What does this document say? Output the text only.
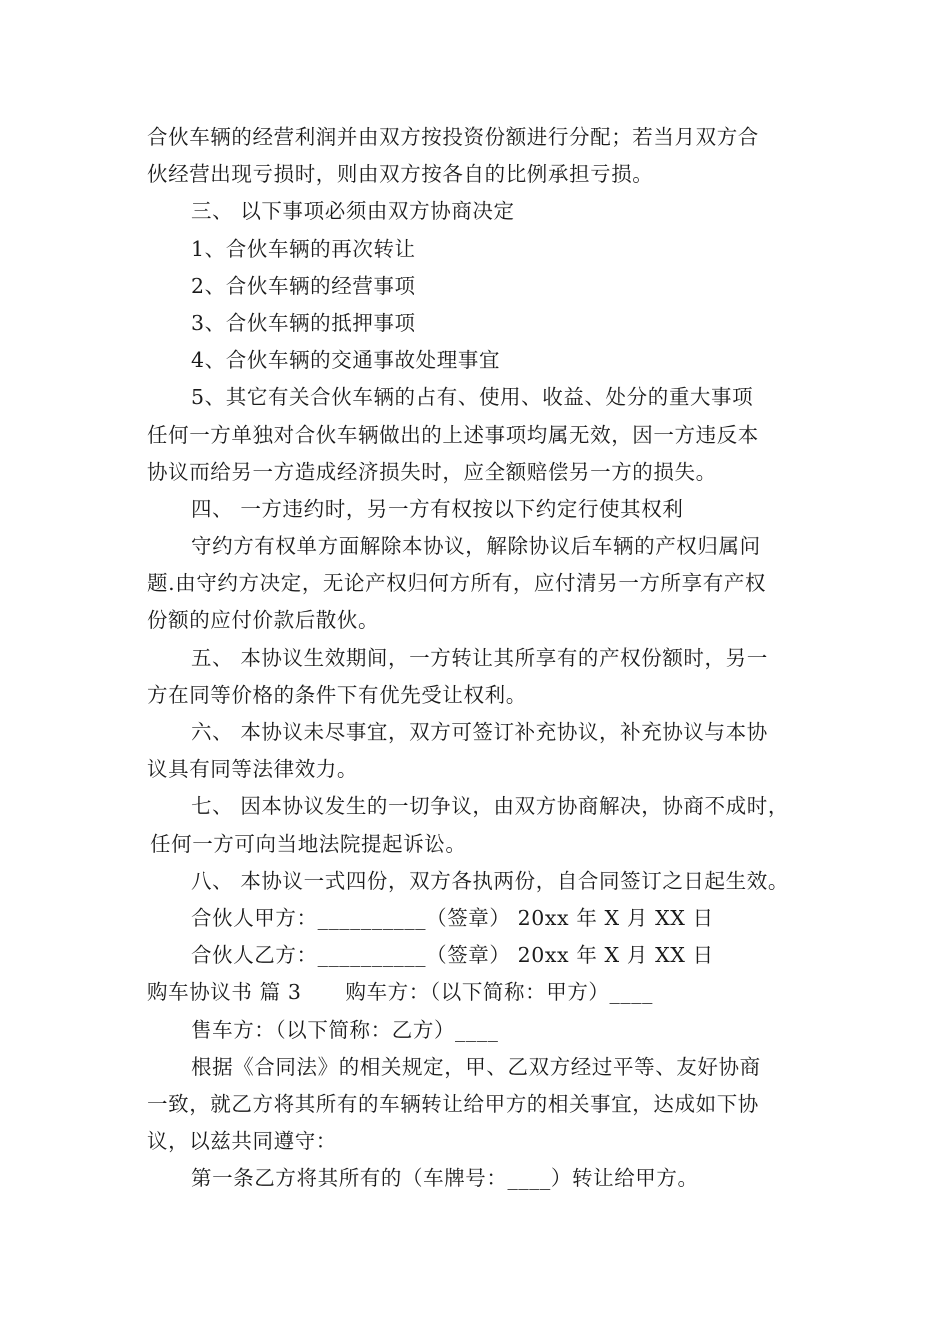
合伙车辆的经营利润并由双方按投资份额进行分配；若当月双方合
伙经营出现亏损时，则由双方按各自的比例承担亏损。
三、 以下事项必须由双方协商决定
1、合伙车辆的再次转让
2、合伙车辆的经营事项
3、合伙车辆的抵押事项
4、合伙车辆的交通事故处理事宜
5、其它有关合伙车辆的占有、使用、收益、处分的重大事项
任何一方单独对合伙车辆做出的上述事项均属无效，因一方违反本
协议而给另一方造成经济损失时，应全额赔偿另一方的损失。
四、 一方违约时，另一方有权按以下约定行使其权利
守约方有权单方面解除本协议，解除协议后车辆的产权归属问
题.由守约方决定，无论产权归何方所有，应付清另一方所享有产权
份额的应付价款后散伙。
五、 本协议生效期间，一方转让其所享有的产权份额时，另一
方在同等价格的条件下有优先受让权利。
六、 本协议未尽事宜，双方可签订补充协议，补充协议与本协
议具有同等法律效力。
七、 因本协议发生的一切争议，由双方协商解决，协商不成时，
任何一方可向当地法院提起诉讼。
八、 本协议一式四份，双方各执两份，自合同签订之日起生效。
合伙人甲方：__________（签章） 20xx 年 X 月 XX 日
合伙人乙方：__________（签章） 20xx 年 X 月 XX 日
购车协议书 篇 3 购车方：（以下简称：甲方）____
售车方：（以下简称：乙方）____
根据《合同法》的相关规定，甲、乙双方经过平等、友好协商
一致，就乙方将其所有的车辆转让给甲方的相关事宜，达成如下协
议，以兹共同遵守：
第一条乙方将其所有的（车牌号：____）转让给甲方。
